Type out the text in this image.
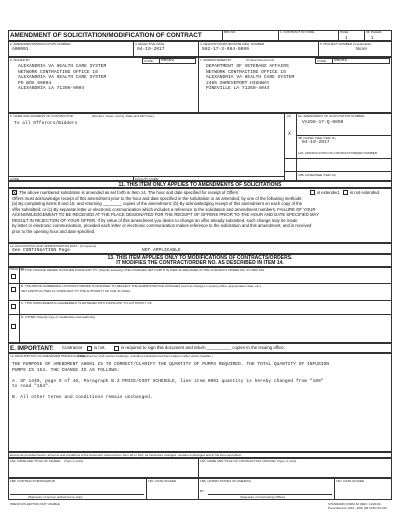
AMENDMENT OF SOLICITATION/MODIFICATION OF CONTRACT	BPA NO.	1. CONTRACT ID CODE	PAGE	OF PAGES
1	1
2. AMENDMENT/MODIFICATION NUMBER
A00001
3. EFFECTIVE DATE
04-19-2017
4. REQUISITION/PURCHASE REQ. NUMBER
502-17-3-064-0099
5. PROJECT NUMBER (if applicable)
None
6. ISSUED BY	CODE 00502
ALEXANDRIA VA HEALTH CARE SYSTEM
NETWORK CONTRACTING OFFICE 16
ALEXANDRIA VA HEALTH CARE SYSTEM
PO BOX 69004
ALEXANDRIA LA 71306-9004
7. ADMINISTERED BY	(If other than Item 6)	CODE 00502
DEPARTMENT OF VETERANS AFFAIRS
NETWORK CONTRACTING OFFICE 16
ALEXANDRIA VA HEALTH CARE SYSTEM
2495 SHREVEPORT HIGHWAY
PINEVILLE LA 71360-4044
8. NAME AND ADDRESS OF CONTRACTOR	(Number, street, county, State and ZIP Code)
To all Offerors/Bidders
(X) 9A. AMENDMENT OF SOLICITATION NUMBER
VA256-17-Q-0890
X
9B. DATED (SEE ITEM 11)
04-19-2017
10A. MODIFICATION OF CONTRACT/ORDER NUMBER
10B. DATED (SEE ITEM 13)
CODE	FACILITY CODE
11. THIS ITEM ONLY APPLIES TO AMENDMENTS OF SOLICITATIONS
X The above numbered solicitation is amended as set forth in Item 14. The hour and date specified for receipt of Offers	is extended, is not extended.
Offers must acknowledge receipt of this amendment prior to the hour and date specified in the solicitation or as amended, by one of the following methods:
(a) By completing Items 8 and 15, and returning ________ copies of the amendment; (b) By acknowledging receipt of this amendment on each copy of the
offer submitted; or (c) By separate letter or electronic communication which includes a reference to the solicitation and amendment numbers. FAILURE OF YOUR
ACKNOWLEDGEMENT TO BE RECEIVED AT THE PLACE DESIGNATED FOR THE RECEIPT OF OFFERS PRIOR TO THE HOUR AND DATE SPECIFIED MAY
RESULT IN REJECTION OF YOUR OFFER. If by virtue of this amendment you desire to change an offer already submitted, such change may be made
by letter or electronic communication, provided each letter or electronic communication makes reference to the solicitation and this amendment, and is received
prior to the opening hour and date specified.
12. ACCOUNTING AND APPROPRIATION DATA (If required)
See CONTINUATION Page	NOT APPLICABLE
13. THIS ITEM APPLIES ONLY TO MODIFICATIONS OF CONTRACTS/ORDERS.
IT MODIFIES THE CONTRACT/ORDER NO. AS DESCRIBED IN ITEM 14.
CHECK ONE
A. THIS CHANGE ORDER IS ISSUED PURSUANT TO: (Specify authority) THE CHANGES SET FORTH IN ITEM 14 ARE MADE IN THE CONTRACT ORDER NO. IN ITEM 10A.
B. THE ABOVE NUMBERED CONTRACT/ORDER IS MODIFIED TO REFLECT THE ADMINISTRATIVE CHANGES (such as changes in paying office, appropriation date, etc.)
SET FORTH IN ITEM 14, PURSUANT TO THE AUTHORITY OF FAR 43.103(b).
C. THIS SUPPLEMENTAL AGREEMENT IS ENTERED INTO PURSUANT TO AUTHORITY OF:
D. OTHER (Specify type of modification and authority)
E. IMPORTANT: Contractor	is not,	is required to sign this document and return __________ copies to the issuing office.
14. DESCRIPTION OF AMENDMENT/MODIFICATION
(Organized by UCF section headings, including solicitation/contract subject matter where feasible.)
THE PURPOSE OF AMENDMENT A0001 IS TO CORRECT/CLARIFY THE QUANTITY OF PUMPS REQUIRED. THE TOTAL QUANTITY OF INFUSION
PUMPS IS 154. THE CHANGE IS AS FOLLOWS:
A. SF 1449, page 5 of 46, Paragraph B.3 PRICE/COST SCHEDULE, line item 0001 quantity is hereby changed from "100"
to read "154".
B. All other terms and conditions remain unchanged.
Except as provided herein, all terms and conditions of the document referenced in Item 9A or 10A, as heretofore changed, remains unchanged and in full force and effect.
15A. NAME AND TITLE OF SIGNER (Type or print)	16A. NAME AND TITLE OF CONTRACTING OFFICER (Type or print)
15B. CONTRACTOR/OFFEROR
(Signature of person authorized to sign)
15C. DATE SIGNED	16B. UNITED STATES OF AMERICA
BY
(Signature of Contracting Officer)
16C. DATE SIGNED
PREVIOUS EDITION NOT USABLE	STANDARD FORM 30 (REV. 11/2016)
Prescribed by GSA - FAR (48 CFR) 53.243
